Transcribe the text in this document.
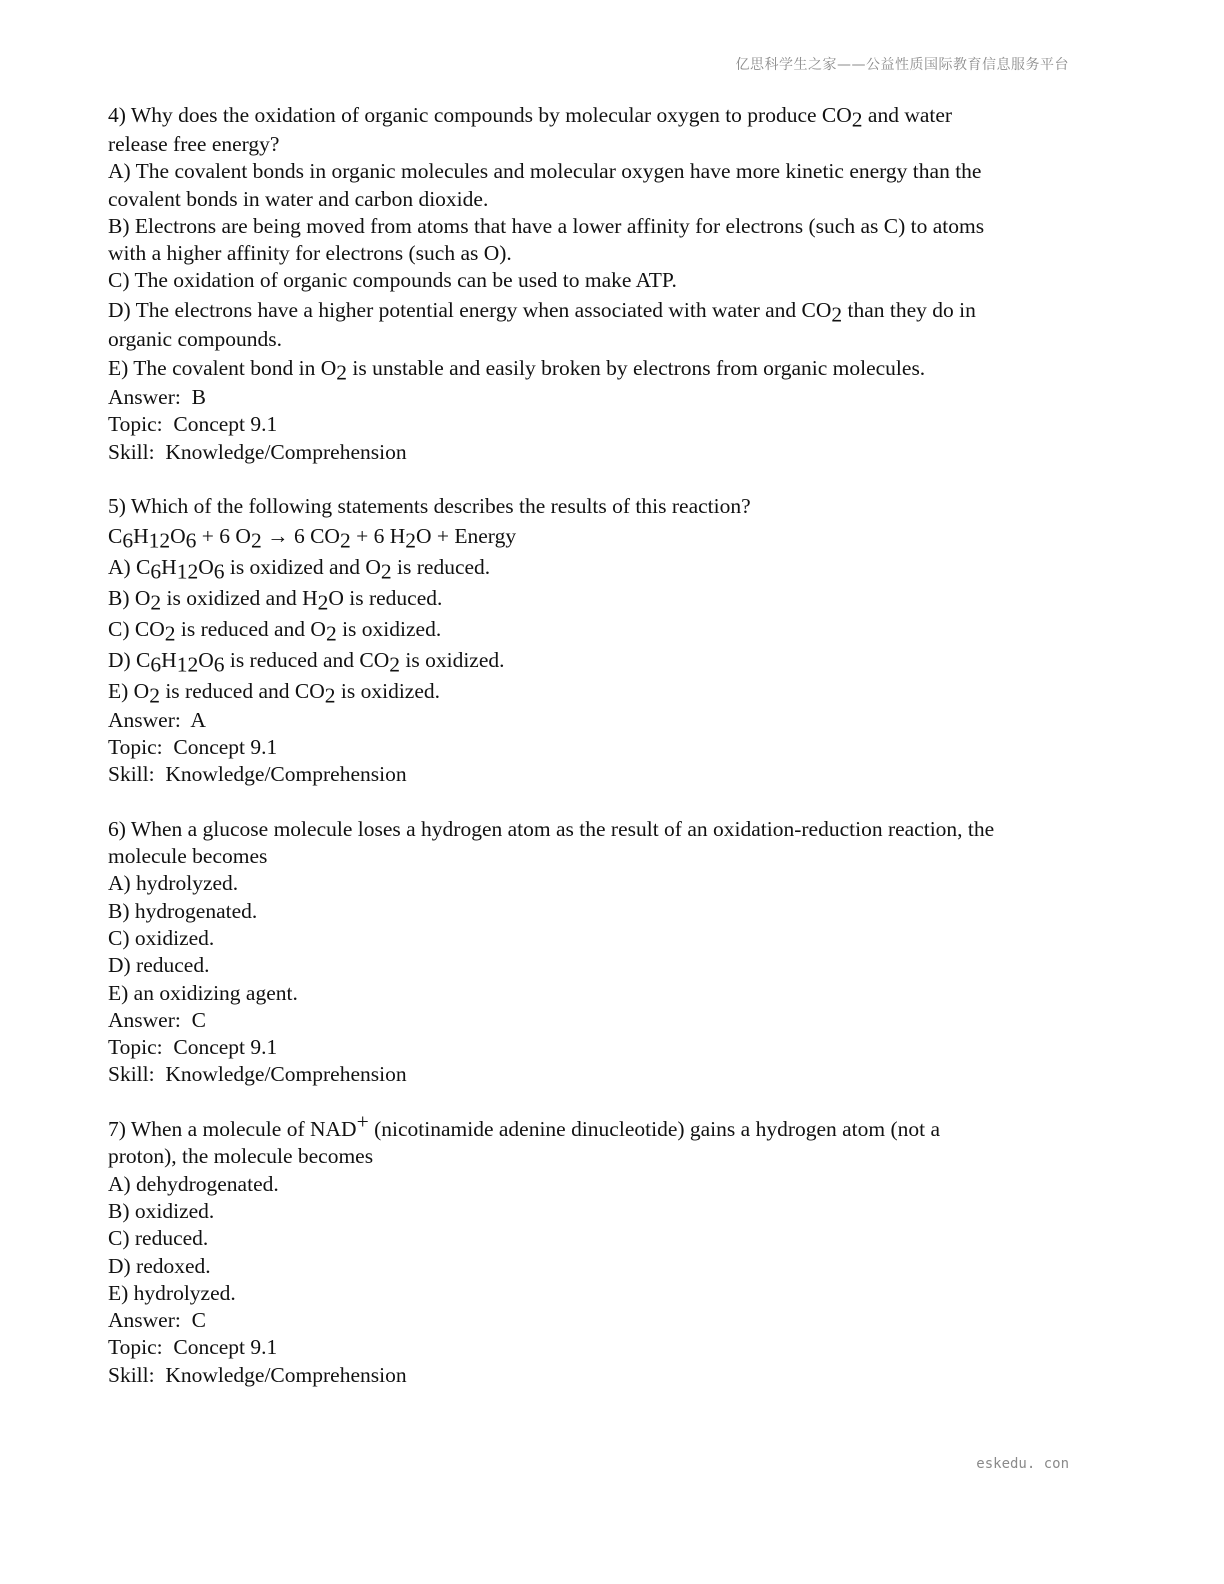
亿思科学生之家——公益性质国际教育信息服务平台
4) Why does the oxidation of organic compounds by molecular oxygen to produce $CO_2$ and water
release free energy?
A) The covalent bonds in organic molecules and molecular oxygen have more kinetic energy than the
covalent bonds in water and carbon dioxide.
B) Electrons are being moved from atoms that have a lower affinity for electrons (such as C) to atoms
with a higher affinity for electrons (such as O).
C) The oxidation of organic compounds can be used to make ATP.
D) The electrons have a higher potential energy when associated with water and $CO_2$ than they do in
organic compounds.
E) The covalent bond in $O_2$ is unstable and easily broken by electrons from organic molecules.
Answer:  B
Topic:  Concept 9.1
Skill:  Knowledge/Comprehension
5) Which of the following statements describes the results of this reaction?
$C_6H_{12}O_6 + 6$ $O_2 \to 6$ $CO_2 + 6$ $H_2O$ + Energy
A) $C_6H_{12}O_6$ is oxidized and $O_2$ is reduced.
B) $O_2$ is oxidized and $H_2O$ is reduced.
C) $CO_2$ is reduced and $O_2$ is oxidized.
D) $C_6H_{12}O_6$ is reduced and $CO_2$ is oxidized.
E) $O_2$ is reduced and $CO_2$ is oxidized.
Answer:  A
Topic:  Concept 9.1
Skill:  Knowledge/Comprehension
6) When a glucose molecule loses a hydrogen atom as the result of an oxidation-reduction reaction, the
molecule becomes
A) hydrolyzed.
B) hydrogenated.
C) oxidized.
D) reduced.
E) an oxidizing agent.
Answer:  C
Topic:  Concept 9.1
Skill:  Knowledge/Comprehension
7) When a molecule of NAD+ (nicotinamide adenine dinucleotide) gains a hydrogen atom (not a
proton), the molecule becomes
A) dehydrogenated.
B) oxidized.
C) reduced.
D) redoxed.
E) hydrolyzed.
Answer:  C
Topic:  Concept 9.1
Skill:  Knowledge/Comprehension
eskedu. con
